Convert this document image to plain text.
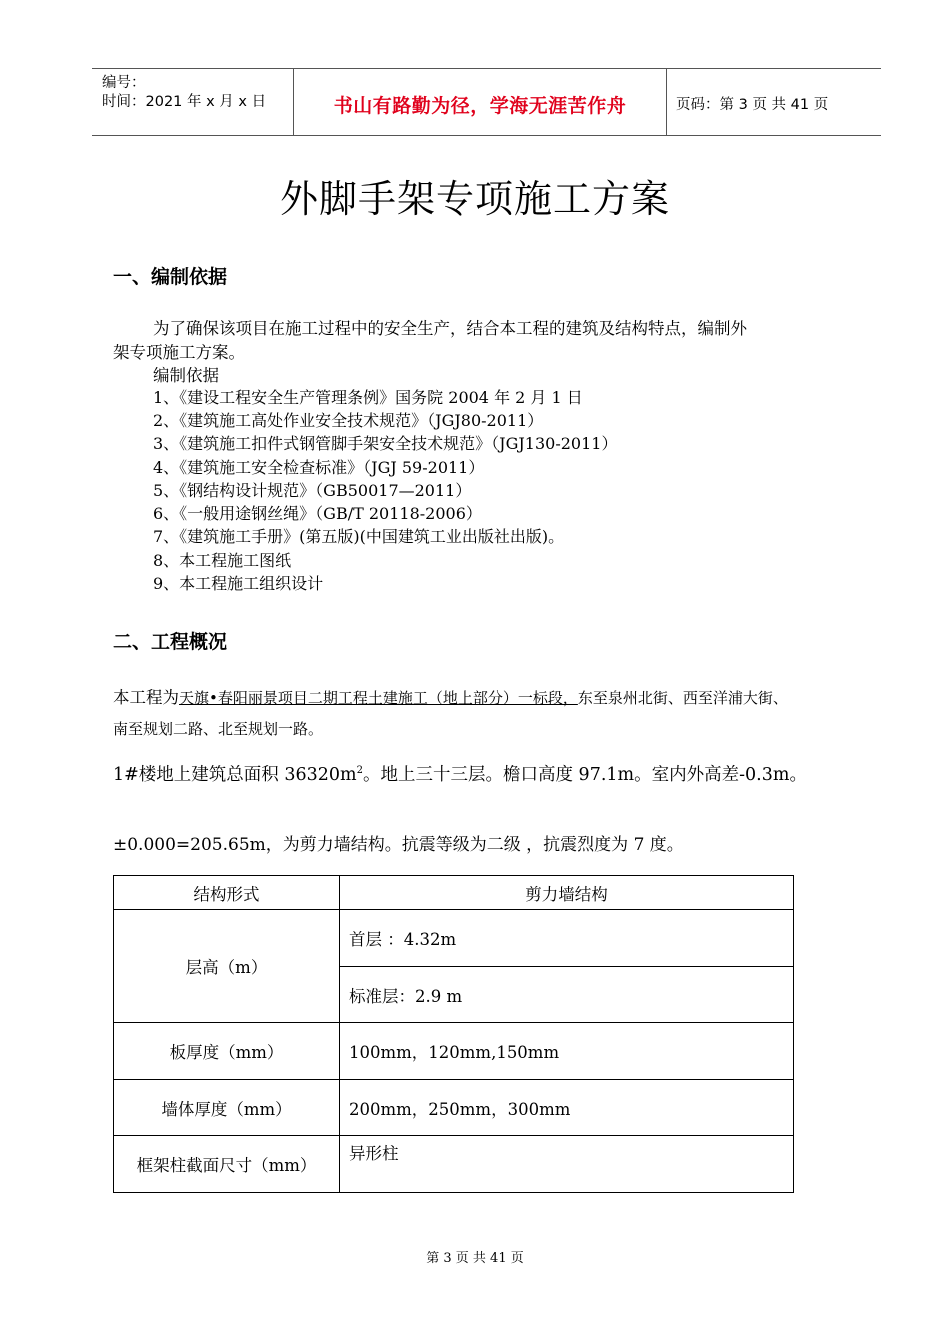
编号：
时间：2021 年 x 月 x 日	书山有路勤为径，学海无涯苦作舟	页码：第 3 页 共 41 页
外脚手架专项施工方案
一、编制依据
为了确保该项目在施工过程中的安全生产，结合本工程的建筑及结构特点，编制外
架专项施工方案。
编制依据
1、《建设工程安全生产管理条例》国务院 2004 年 2 月 1 日
2、《建筑施工高处作业安全技术规范》（JGJ80-2011）
3、《建筑施工扣件式钢管脚手架安全技术规范》（JGJ130-2011）
4、《建筑施工安全检查标准》（JGJ 59-2011）
5、《钢结构设计规范》（GB50017—2011）
6、《一般用途钢丝绳》（GB/T 20118-2006）
7、《建筑施工手册》(第五版)(中国建筑工业出版社出版)。
8、本工程施工图纸
9、本工程施工组织设计
二、工程概况
本工程为天旗•春阳丽景项目二期工程土建施工（地上部分）一标段，东至泉州北街、西至洋浦大街、
南至规划二路、北至规划一路。
1#楼地上建筑总面积 $36320m^2$。地上三十三层。檐口高度 97.1m。室内外高差-0.3m。
±0.000=205.65m，为剪力墙结构。抗震等级为二级 ，抗震烈度为 7 度。
结构形式	剪力墙结构
层高（m）	首层 ：4.32m
	标准层：2.9 m
板厚度（mm）	100mm，120mm,150mm
墙体厚度（mm）	200mm，250mm，300mm
框架柱截面尺寸（mm）	异形柱
第 3 页 共 41 页
